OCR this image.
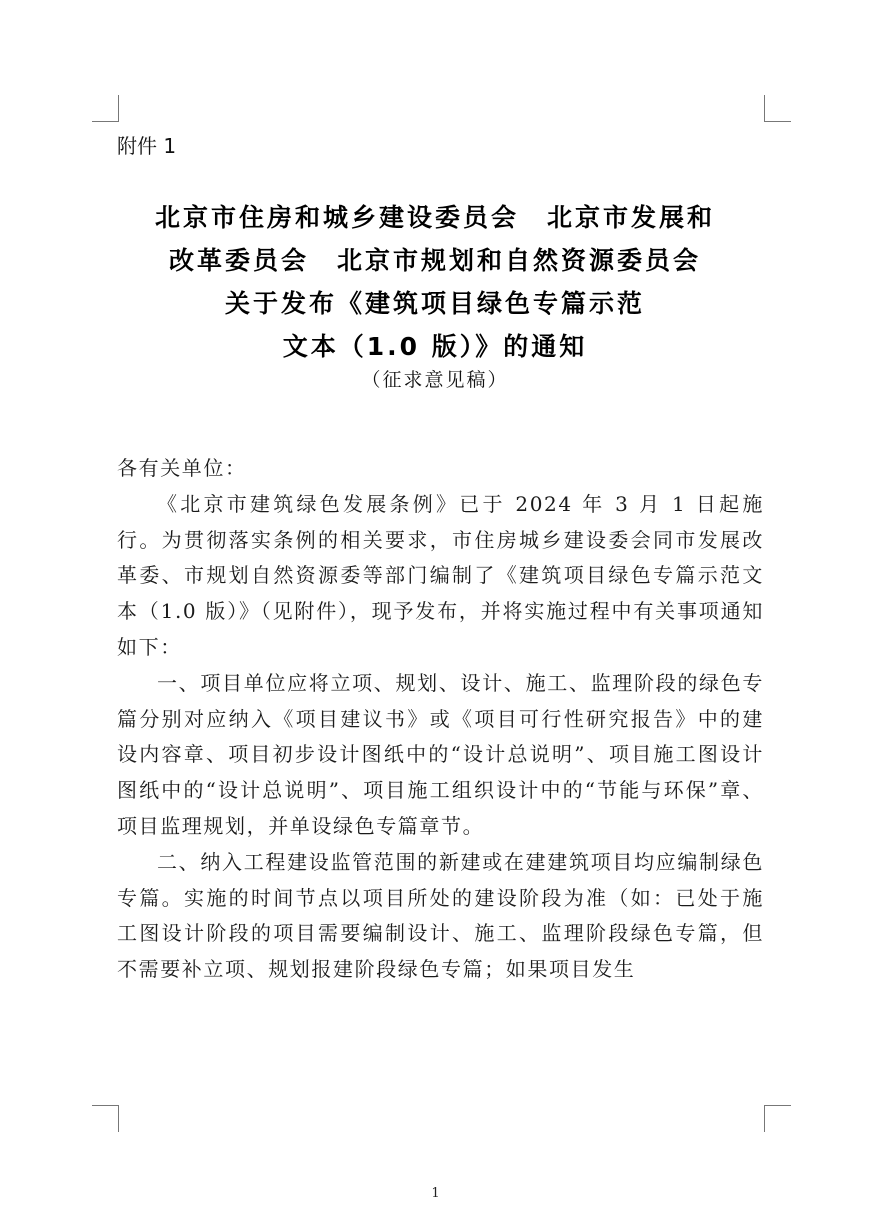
附件 1
北京市住房和城乡建设委员会　北京市发展和
改革委员会　北京市规划和自然资源委员会
关于发布《建筑项目绿色专篇示范
文本（1.0 版）》的通知
（征求意见稿）

各有关单位：

《北京市建筑绿色发展条例》已于 2024 年 3 月 1 日起施行。为贯彻落实条例的相关要求，市住房城乡建设委会同市发展改革委、市规划自然资源委等部门编制了《建筑项目绿色专篇示范文本（1.0 版）》（见附件），现予发布，并将实施过程中有关事项通知如下：

一、项目单位应将立项、规划、设计、施工、监理阶段的绿色专篇分别对应纳入《项目建议书》或《项目可行性研究报告》中的建设内容章、项目初步设计图纸中的“设计总说明”、项目施工图设计图纸中的“设计总说明”、项目施工组织设计中的“节能与环保”章、项目监理规划，并单设绿色专篇章节。

二、纳入工程建设监管范围的新建或在建建筑项目均应编制绿色专篇。实施的时间节点以项目所处的建设阶段为准（如：已处于施工图设计阶段的项目需要编制设计、施工、监理阶段绿色专篇，但不需要补立项、规划报建阶段绿色专篇；如果项目发生

1
